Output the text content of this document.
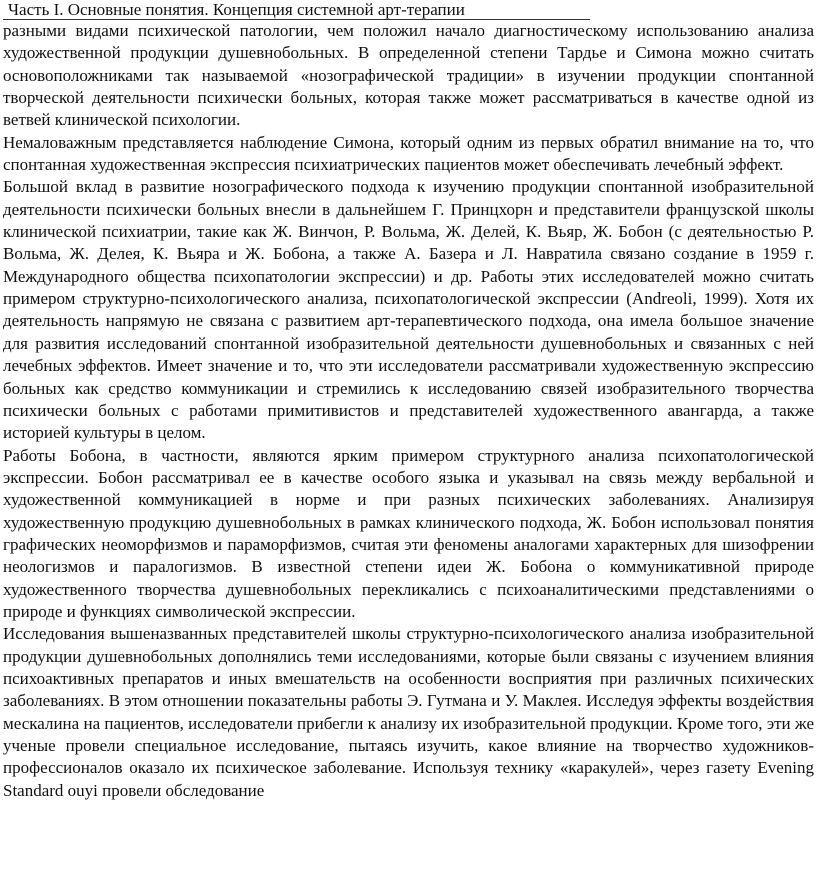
Часть I. Основные понятия. Концепция системной арт-терапии

разными видами психической патологии, чем положил начало диагностическому использованию анализа художественной продукции душевнобольных. В определенной степени Тардье и Симона можно считать основоположниками так называемой «нозографической традиции» в изучении продукции спонтанной творческой деятельности психически больных, которая также может рассматриваться в качестве одной из ветвей клинической психологии.

Немаловажным представляется наблюдение Симона, который одним из первых обратил внимание на то, что спонтанная художественная экспрессия психиатрических пациентов может обеспечивать лечебный эффект.

Большой вклад в развитие нозографического подхода к изучению продукции спонтанной изобразительной деятельности психически больных внесли в дальнейшем Г. Принцхорн и представители французской школы клинической психиатрии, такие как Ж. Винчон, Р. Вольма, Ж. Делей, К. Вьяр, Ж. Бобон (с деятельностью Р. Вольма, Ж. Делея, К. Вьяра и Ж. Бобона, а также А. Базера и Л. Навратила связано создание в 1959 г. Международного общества психопатологии экспрессии) и др. Работы этих исследователей можно считать примером структурно-психологического анализа, психопатологической экспрессии (Andreoli, 1999). Хотя их деятельность напрямую не связана с развитием арт-терапевтического подхода, она имела большое значение для развития исследований спонтанной изобразительной деятельности душевнобольных и связанных с ней лечебных эффектов. Имеет значение и то, что эти исследователи рассматривали художественную экспрессию больных как средство коммуникации и стремились к исследованию связей изобразительного творчества психически больных с работами примитивистов и представителей художественного авангарда, а также историей культуры в целом.

Работы Бобона, в частности, являются ярким примером структурного анализа психопатологической экспрессии. Бобон рассматривал ее в качестве особого языка и указывал на связь между вербальной и художественной коммуникацией в норме и при разных психических заболеваниях. Анализируя художественную продукцию душевнобольных в рамках клинического подхода, Ж. Бобон использовал понятия графических неоморфизмов и параморфизмов, считая эти феномены аналогами характерных для шизофрении неологизмов и паралогизмов. В известной степени идеи Ж. Бобона о коммуникативной природе художественного творчества душевнобольных перекликались с психоаналитическими представлениями о природе и функциях символической экспрессии.

Исследования вышеназванных представителей школы структурно-психологического анализа изобразительной продукции душевнобольных дополнялись теми исследованиями, которые были связаны с изучением влияния психоактивных препаратов и иных вмешательств на особенности восприятия при различных психических заболеваниях. В этом отношении показательны работы Э. Гутмана и У. Маклея. Исследуя эффекты воздействия мескалина на пациентов, исследователи прибегли к анализу их изобразительной продукции. Кроме того, эти же ученые провели специальное исследование, пытаясь изучить, какое влияние на творчество художников-профессионалов оказало их психическое заболевание. Используя технику «каракулей», через газету Evening Standard ouyi провели обследование
